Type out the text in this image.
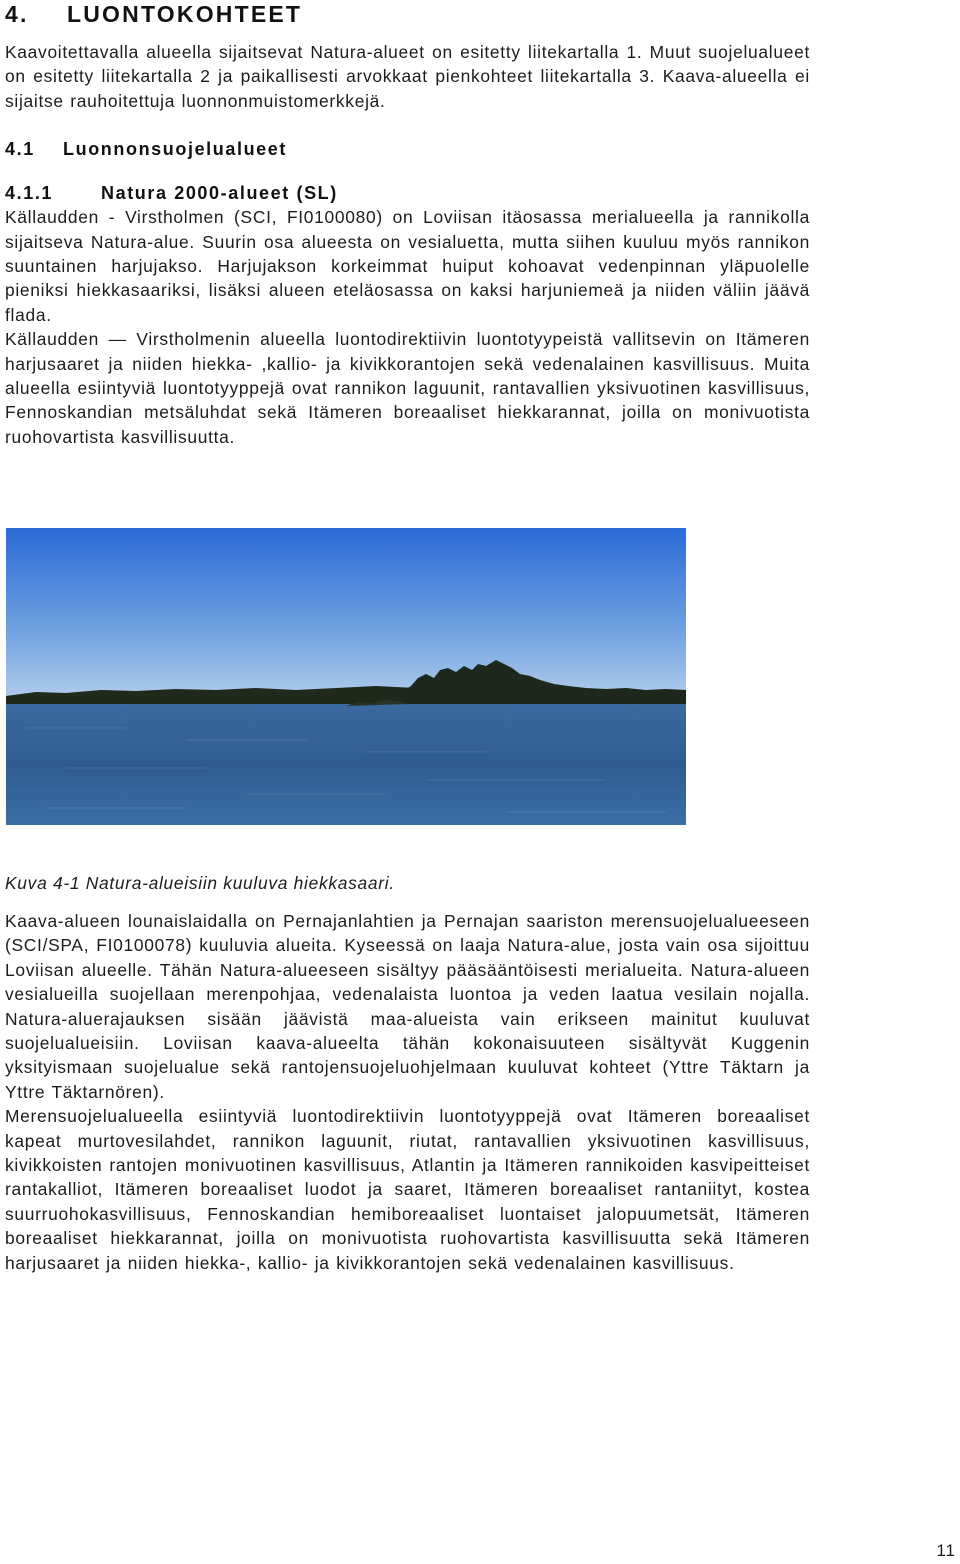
4. LUONTOKOHTEET

Kaavoitettavalla alueella sijaitsevat Natura-alueet on esitetty liitekartalla 1. Muut suojelualueet on esitetty liitekartalla 2 ja paikallisesti arvokkaat pienkohteet liitekartalla 3. Kaava-alueella ei sijaitse rauhoitettuja luonnonmuistomerkkejä.

4.1 Luonnonsuojelualueet
4.1.1	Natura 2000-alueet (SL)

Källaudden - Virstholmen (SCI, FI0100080) on Loviisan itäosassa merialueella ja rannikolla sijaitseva Natura-alue. Suurin osa alueesta on vesialuetta, mutta siihen kuuluu myös rannikon suuntainen harjujakso. Harjujakson korkeimmat huiput kohoavat vedenpinnan yläpuolelle pieniksi hiekkasaariksi, lisäksi alueen eteläosassa on kaksi harjuniemeä ja niiden väliin jäävä flada.

Källaudden — Virstholmenin alueella luontodirektiivin luontotyypeistä vallitsevin on Itämeren harjusaaret ja niiden hiekka- ,kallio- ja kivikkorantojen sekä vedenalainen kasvillisuus. Muita alueella esiintyviä luontotyyppejä ovat rannikon laguunit, rantavallien yksivuotinen kasvillisuus, Fennoskandian metsäluhdat sekä Itämeren boreaaliset hiekkarannat, joilla on monivuotista ruohovartista kasvillisuutta.

Kuva 4-1 Natura-alueisiin kuuluva hiekkasaari.

Kaava-alueen lounaislaidalla on Pernajanlahtien ja Pernajan saariston merensuojelualueeseen (SCI/SPA, FI0100078) kuuluvia alueita. Kyseessä on laaja Natura-alue, josta vain osa sijoittuu Loviisan alueelle. Tähän Natura-alueeseen sisältyy pääsääntöisesti merialueita. Natura-alueen vesialueilla suojellaan merenpohjaa, vedenalaista luontoa ja veden laatua vesilain nojalla. Natura-aluerajauksen sisään jäävistä maa-alueista vain erikseen mainitut kuuluvat suojelualueisiin. Loviisan kaava-alueelta tähän kokonaisuuteen sisältyvät Kuggenin yksityismaan suojelualue sekä rantojensuojeluohjelmaan kuuluvat kohteet (Yttre Täktarn ja Yttre Täktarnören).

Merensuojelualueella esiintyviä luontodirektiivin luontotyyppejä ovat Itämeren boreaaliset kapeat murtovesilahdet, rannikon laguunit, riutat, rantavallien yksivuotinen kasvillisuus, kivikkoisten rantojen monivuotinen kasvillisuus, Atlantin ja Itämeren rannikoiden kasvipeitteiset rantakalliot, Itämeren boreaaliset luodot ja saaret, Itämeren boreaaliset rantaniityt, kostea suurruohokasvillisuus, Fennoskandian hemiboreaaliset luontaiset jalopuumetsät, Itämeren boreaaliset hiekkarannat, joilla on monivuotista ruohovartista kasvillisuutta sekä Itämeren harjusaaret ja niiden hiekka-, kallio- ja kivikkorantojen sekä vedenalainen kasvillisuus.

11
